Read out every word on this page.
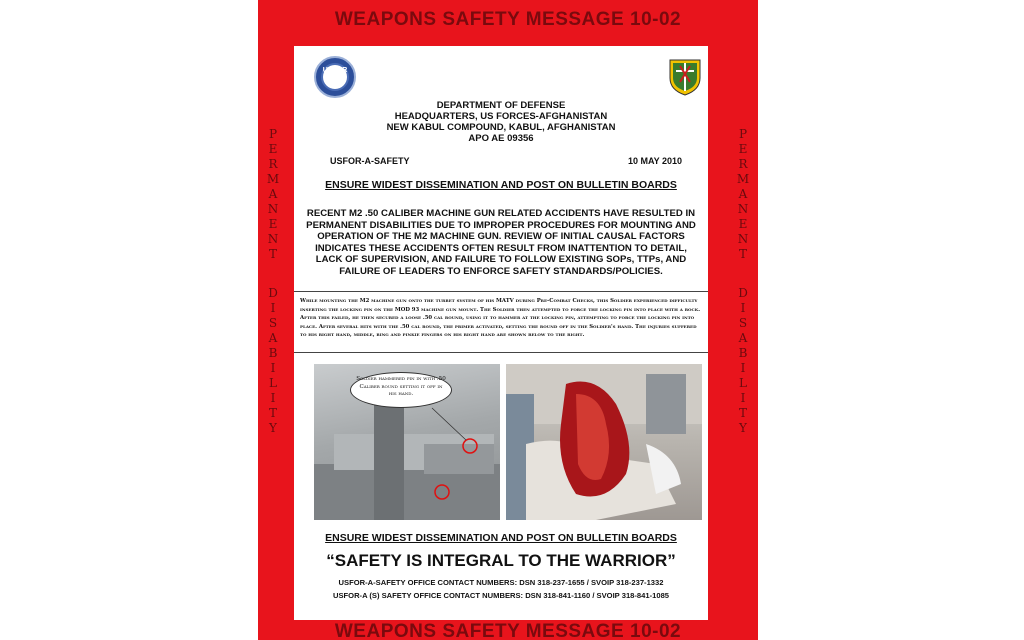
WEAPONS SAFETY MESSAGE 10-02
P
E
R
M
A
N
E
N
T
D
I
S
A
B
I
L
I
T
Y
P
E
R
M
A
N
E
N
T
D
I
S
A
B
I
L
I
T
Y
USFOR
DEPARTMENT OF DEFENSE
HEADQUARTERS, US FORCES-AFGHANISTAN
NEW KABUL COMPOUND, KABUL, AFGHANISTAN
APO AE 09356
USFOR-A-SAFETY	10 MAY 2010
ENSURE WIDEST DISSEMINATION AND POST ON BULLETIN BOARDS
RECENT M2 .50 CALIBER MACHINE GUN RELATED ACCIDENTS HAVE RESULTED IN PERMANENT DISABILITIES DUE TO IMPROPER PROCEDURES FOR MOUNTING AND OPERATION OF THE M2 MACHINE GUN. REVIEW OF INITIAL CAUSAL FACTORS INDICATES THESE ACCIDENTS OFTEN RESULT FROM INATTENTION TO DETAIL, LACK OF SUPERVISION, AND FAILURE TO FOLLOW EXISTING SOPs, TTPs, AND FAILURE OF LEADERS TO ENFORCE SAFETY STANDARDS/POLICIES.
While mounting the M2 machine gun onto the turret system of his MATV during Pre-Combat Checks, this Soldier experienced difficulty inserting the locking pin on the MOD 93 machine gun mount. The Soldier then attempted to force the locking pin into place with a rock. After this failed, he then secured a loose .50 cal round, using it to hammer at the locking pin, attempting to force the locking pin into place. After several hits with the .50 cal round, the primer activated, setting the round off in the Soldier's hand. The injuries suffered to his right hand, middle, ring and pinkie fingers on his right hand are shown below to the right.
Soldier hammered pin in with .50 Caliber round setting it off in his hand.
ENSURE WIDEST DISSEMINATION AND POST ON BULLETIN BOARDS
“SAFETY IS INTEGRAL TO THE WARRIOR”
USFOR-A-SAFETY OFFICE CONTACT NUMBERS: DSN 318-237-1655 / SVOIP 318-237-1332
USFOR-A (S) SAFETY OFFICE CONTACT NUMBERS: DSN 318-841-1160 / SVOIP 318-841-1085
WEAPONS SAFETY MESSAGE 10-02
